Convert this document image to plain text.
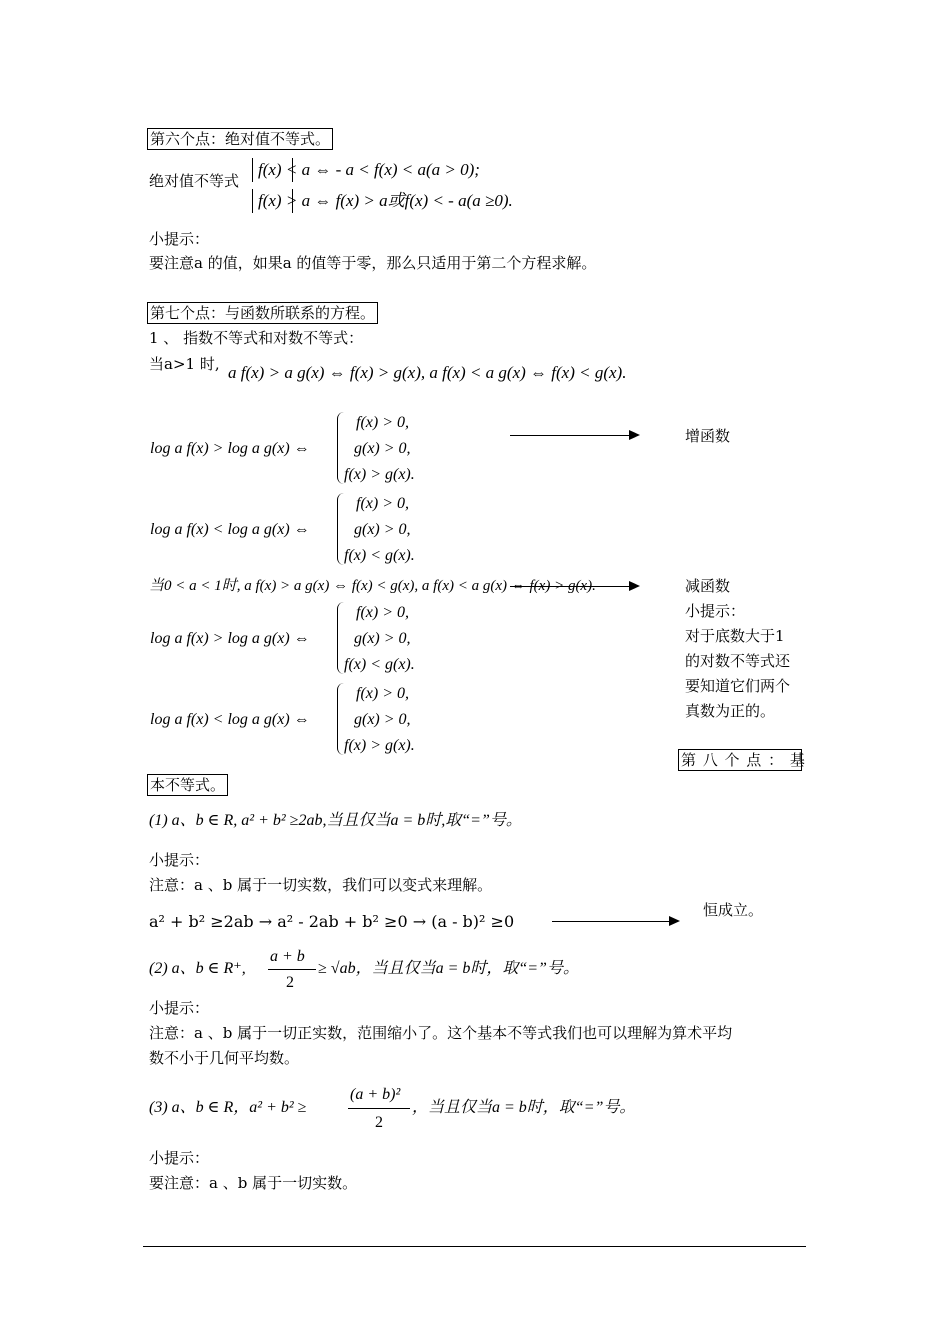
第六个点：绝对值不等式。
绝对值不等式
f(x) < a ⇔ - a < f(x) < a(a > 0);
f(x) > a ⇔ f(x) > a或f(x) < - a(a ≥0).
小提示：
要注意a 的值，如果a 的值等于零，那么只适用于第二个方程求解。
第七个点：与函数所联系的方程。
1 、 指数不等式和对数不等式：
当a>1 时, a f(x) > a g(x) ⇔ f(x) > g(x), a f(x) < a g(x) ⇔ f(x) < g(x).
log a f(x) > log a g(x) ⇔
f(x) > 0,
g(x) > 0,
f(x) > g(x).
增函数
log a f(x) < log a g(x) ⇔
f(x) > 0,
g(x) > 0,
f(x) < g(x).
当0 < a < 1时, a f(x) > a g(x) ⇔ f(x) < g(x), a f(x) < a g(x) ⇔ f(x) > g(x).	减函数
小提示：
对于底数大于1
的对数不等式还
要知道它们两个
真数为正的。
log a f(x) > log a g(x) ⇔
f(x) > 0,
g(x) > 0,
f(x) < g(x).
log a f(x) < log a g(x) ⇔
f(x) > 0,
g(x) > 0,
f(x) > g(x).
第 八 个 点 ： 基
本不等式。
(1) a、b ∈ R, a² + b² ≥2ab,当且仅当a = b时,取“=”号。
小提示：
注意：a 、b 属于一切实数，我们可以变式来理解。
a² + b² ≥2ab → a² - 2ab + b² ≥0 → (a - b)² ≥0
恒成立。
(2) a、b ∈ R⁺,
a + b
2
≥ √ab，当且仅当a = b时，取“=”号。
小提示：
注意：a 、b 属于一切正实数，范围缩小了。这个基本不等式我们也可以理解为算术平均
数不小于几何平均数。
(3) a、b ∈ R，a² + b² ≥
(a + b)²
2
，当且仅当a = b时，取“=”号。
小提示：
要注意：a 、b 属于一切实数。
